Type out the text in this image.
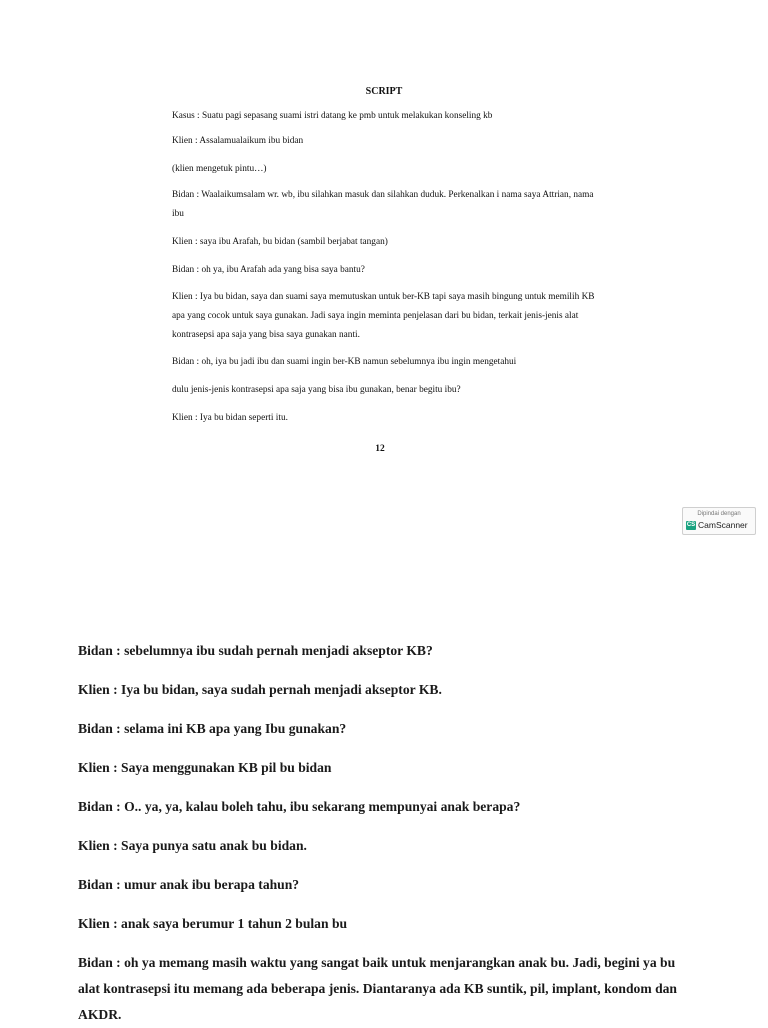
SCRIPT

Kasus : Suatu pagi sepasang suami istri datang ke pmb untuk melakukan konseling kb

Klien : Assalamualaikum ibu bidan

(klien mengetuk pintu…)

Bidan : Waalaikumsalam wr. wb, ibu silahkan masuk dan silahkan duduk. Perkenalkan i nama saya Attrian, nama ibu

Klien : saya ibu Arafah, bu bidan (sambil berjabat tangan)

Bidan : oh ya, ibu Arafah ada yang bisa saya bantu?

Klien : Iya bu bidan, saya dan suami saya memutuskan untuk ber-KB tapi saya masih bingung untuk memilih KB apa yang cocok untuk saya gunakan. Jadi saya ingin meminta penjelasan dari bu bidan, terkait jenis-jenis alat kontrasepsi apa saja yang bisa saya gunakan nanti.

Bidan : oh, iya bu jadi ibu dan suami ingin ber-KB namun sebelumnya ibu ingin mengetahui

dulu jenis-jenis kontrasepsi apa saja yang bisa ibu gunakan, benar begitu ibu?

Klien : Iya bu bidan seperti itu.

12
Dipindai dengan
CS CamScanner

Bidan : sebelumnya ibu sudah pernah menjadi akseptor KB?

Klien : Iya bu bidan, saya sudah pernah menjadi akseptor KB.

Bidan : selama ini KB apa yang Ibu gunakan?

Klien : Saya menggunakan KB pil bu bidan

Bidan : O.. ya, ya, kalau boleh tahu, ibu sekarang mempunyai anak berapa?

Klien : Saya punya satu anak bu bidan.

Bidan : umur anak ibu berapa tahun?

Klien : anak saya berumur 1 tahun 2 bulan bu

Bidan : oh ya memang masih waktu yang sangat baik untuk menjarangkan anak bu. Jadi, begini ya bu alat kontrasepsi itu memang ada beberapa jenis. Diantaranya ada KB suntik, pil, implant, kondom dan AKDR.
